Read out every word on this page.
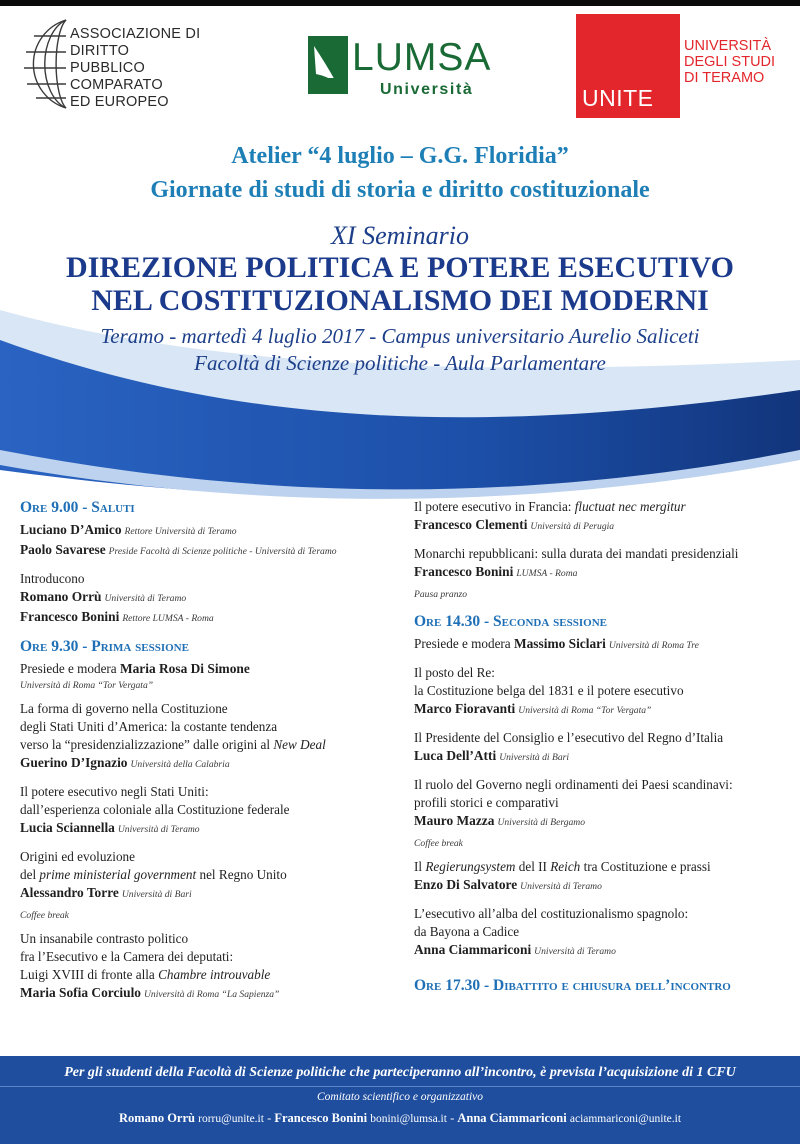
ASSOCIAZIONE DI
DIRITTO
PUBBLICO
COMPARATO
ED EUROPEO
LUMSA
Università	UNITE
UNIVERSITÀ
DEGLI STUDI
DI TERAMO
Atelier “4 luglio – G.G. Floridia”
Giornate di studi di storia e diritto costituzionale
XI Seminario
DIREZIONE POLITICA E POTERE ESECUTIVO
NEL COSTITUZIONALISMO DEI MODERNI
Teramo - martedì 4 luglio 2017 - Campus universitario Aurelio Saliceti
Facoltà di Scienze politiche - Aula Parlamentare
Ore 9.00 - Saluti
Luciano D’Amico Rettore Università di Teramo
Paolo Savarese Preside Facoltà di Scienze politiche - Università di Teramo
Introducono
Romano Orrù Università di Teramo
Francesco Bonini Rettore LUMSA - Roma
Ore 9.30 - Prima sessione
Presiede e modera Maria Rosa Di Simone
Università di Roma “Tor Vergata”
La forma di governo nella Costituzione
degli Stati Uniti d’America: la costante tendenza
verso la “presidenzializzazione” dalle origini al New Deal
Guerino D’Ignazio Università della Calabria
Il potere esecutivo negli Stati Uniti:
dall’esperienza coloniale alla Costituzione federale
Lucia Sciannella Università di Teramo
Origini ed evoluzione
del prime ministerial government nel Regno Unito
Alessandro Torre Università di Bari
Coffee break
Un insanabile contrasto politico
fra l’Esecutivo e la Camera dei deputati:
Luigi XVIII di fronte alla Chambre introuvable
Maria Sofia Corciulo Università di Roma “La Sapienza”
Il potere esecutivo in Francia: fluctuat nec mergitur
Francesco Clementi Università di Perugia
Monarchi repubblicani: sulla durata dei mandati presidenziali
Francesco Bonini LUMSA - Roma
Pausa pranzo
Ore 14.30 - Seconda sessione
Presiede e modera Massimo Siclari Università di Roma Tre
Il posto del Re:
la Costituzione belga del 1831 e il potere esecutivo
Marco Fioravanti Università di Roma “Tor Vergata”
Il Presidente del Consiglio e l’esecutivo del Regno d’Italia
Luca Dell’Atti Università di Bari
Il ruolo del Governo negli ordinamenti dei Paesi scandinavi:
profili storici e comparativi
Mauro Mazza Università di Bergamo
Coffee break
Il Regierungsystem del II Reich tra Costituzione e prassi
Enzo Di Salvatore Università di Teramo
L’esecutivo all’alba del costituzionalismo spagnolo:
da Bayona a Cadice
Anna Ciammariconi Università di Teramo
Ore 17.30 - Dibattito e chiusura dell’incontro
Per gli studenti della Facoltà di Scienze politiche che parteciperanno all’incontro, è prevista l’acquisizione di 1 CFU
Comitato scientifico e organizzativo
Romano Orrù rorru@unite.it - Francesco Bonini bonini@lumsa.it - Anna Ciammariconi aciammariconi@unite.it
